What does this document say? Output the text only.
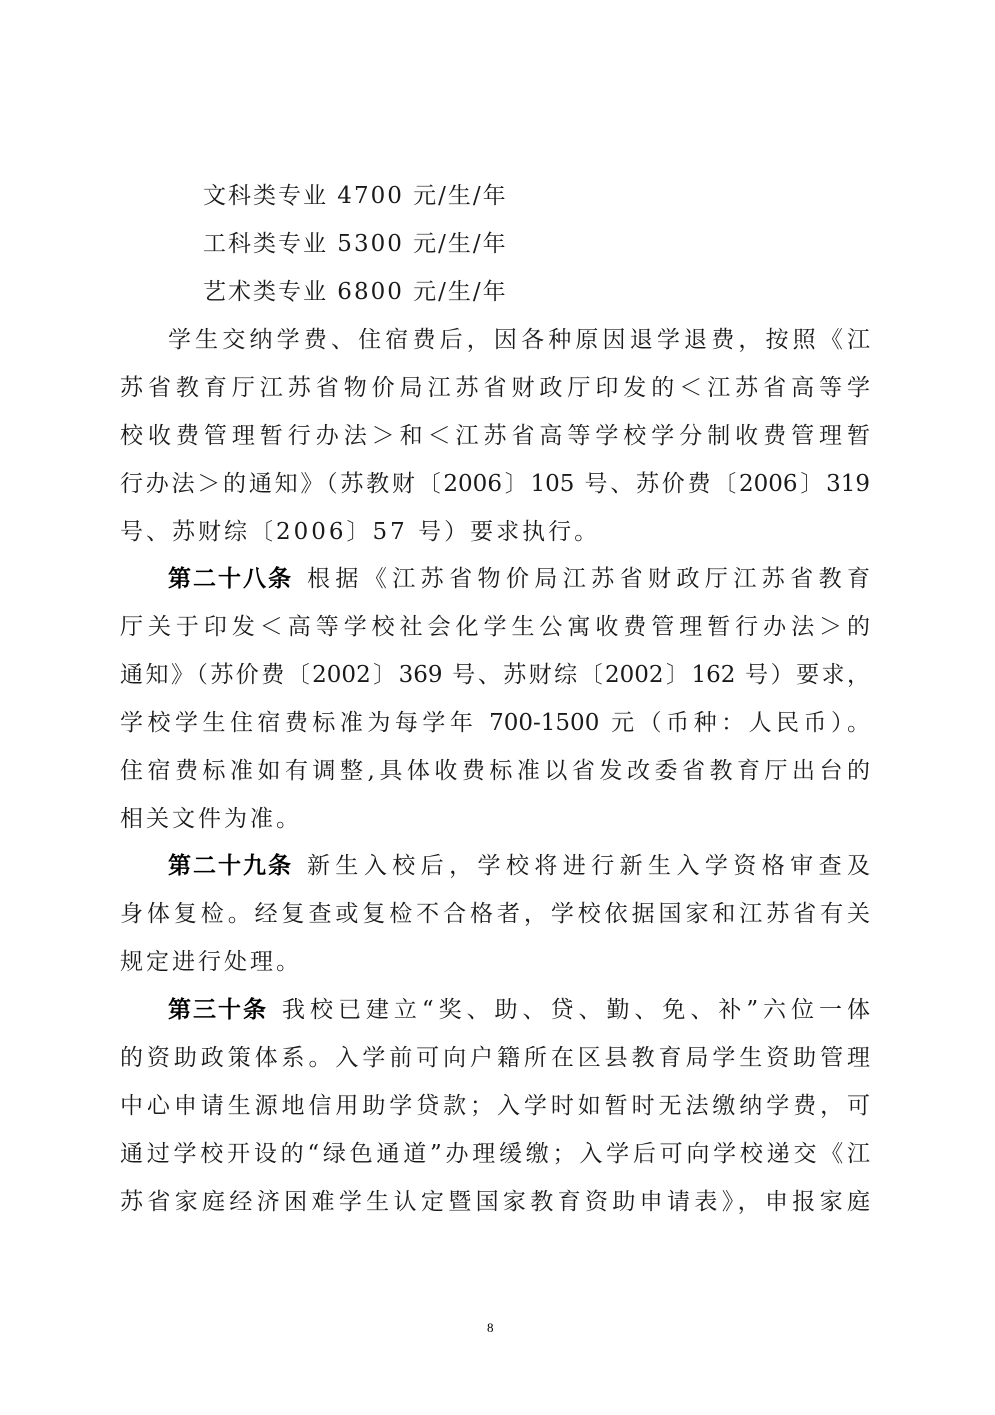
文科类专业 4700 元/生/年
工科类专业 5300 元/生/年
艺术类专业 6800 元/生/年
学生交纳学费、住宿费后，因各种原因退学退费，按照《江
苏省教育厅江苏省物价局江苏省财政厅印发的＜江苏省高等学
校收费管理暂行办法＞和＜江苏省高等学校学分制收费管理暂
行办法＞的通知》（苏教财〔2006〕105 号、苏价费〔2006〕319
号、苏财综〔2006〕57 号）要求执行。
第二十八条 根据《江苏省物价局江苏省财政厅江苏省教育
厅关于印发＜高等学校社会化学生公寓收费管理暂行办法＞的
通知》（苏价费〔2002〕369 号、苏财综〔2002〕162 号）要求，
学校学生住宿费标准为每学年 700-1500 元（币种：人民币）。
住宿费标准如有调整,具体收费标准以省发改委省教育厅出台的
相关文件为准。
第二十九条 新生入校后，学校将进行新生入学资格审查及
身体复检。经复查或复检不合格者，学校依据国家和江苏省有关
规定进行处理。
第三十条 我校已建立“奖、助、贷、勤、免、补”六位一体
的资助政策体系。入学前可向户籍所在区县教育局学生资助管理
中心申请生源地信用助学贷款；入学时如暂时无法缴纳学费，可
通过学校开设的“绿色通道”办理缓缴；入学后可向学校递交《江
苏省家庭经济困难学生认定暨国家教育资助申请表》，申报家庭
8
